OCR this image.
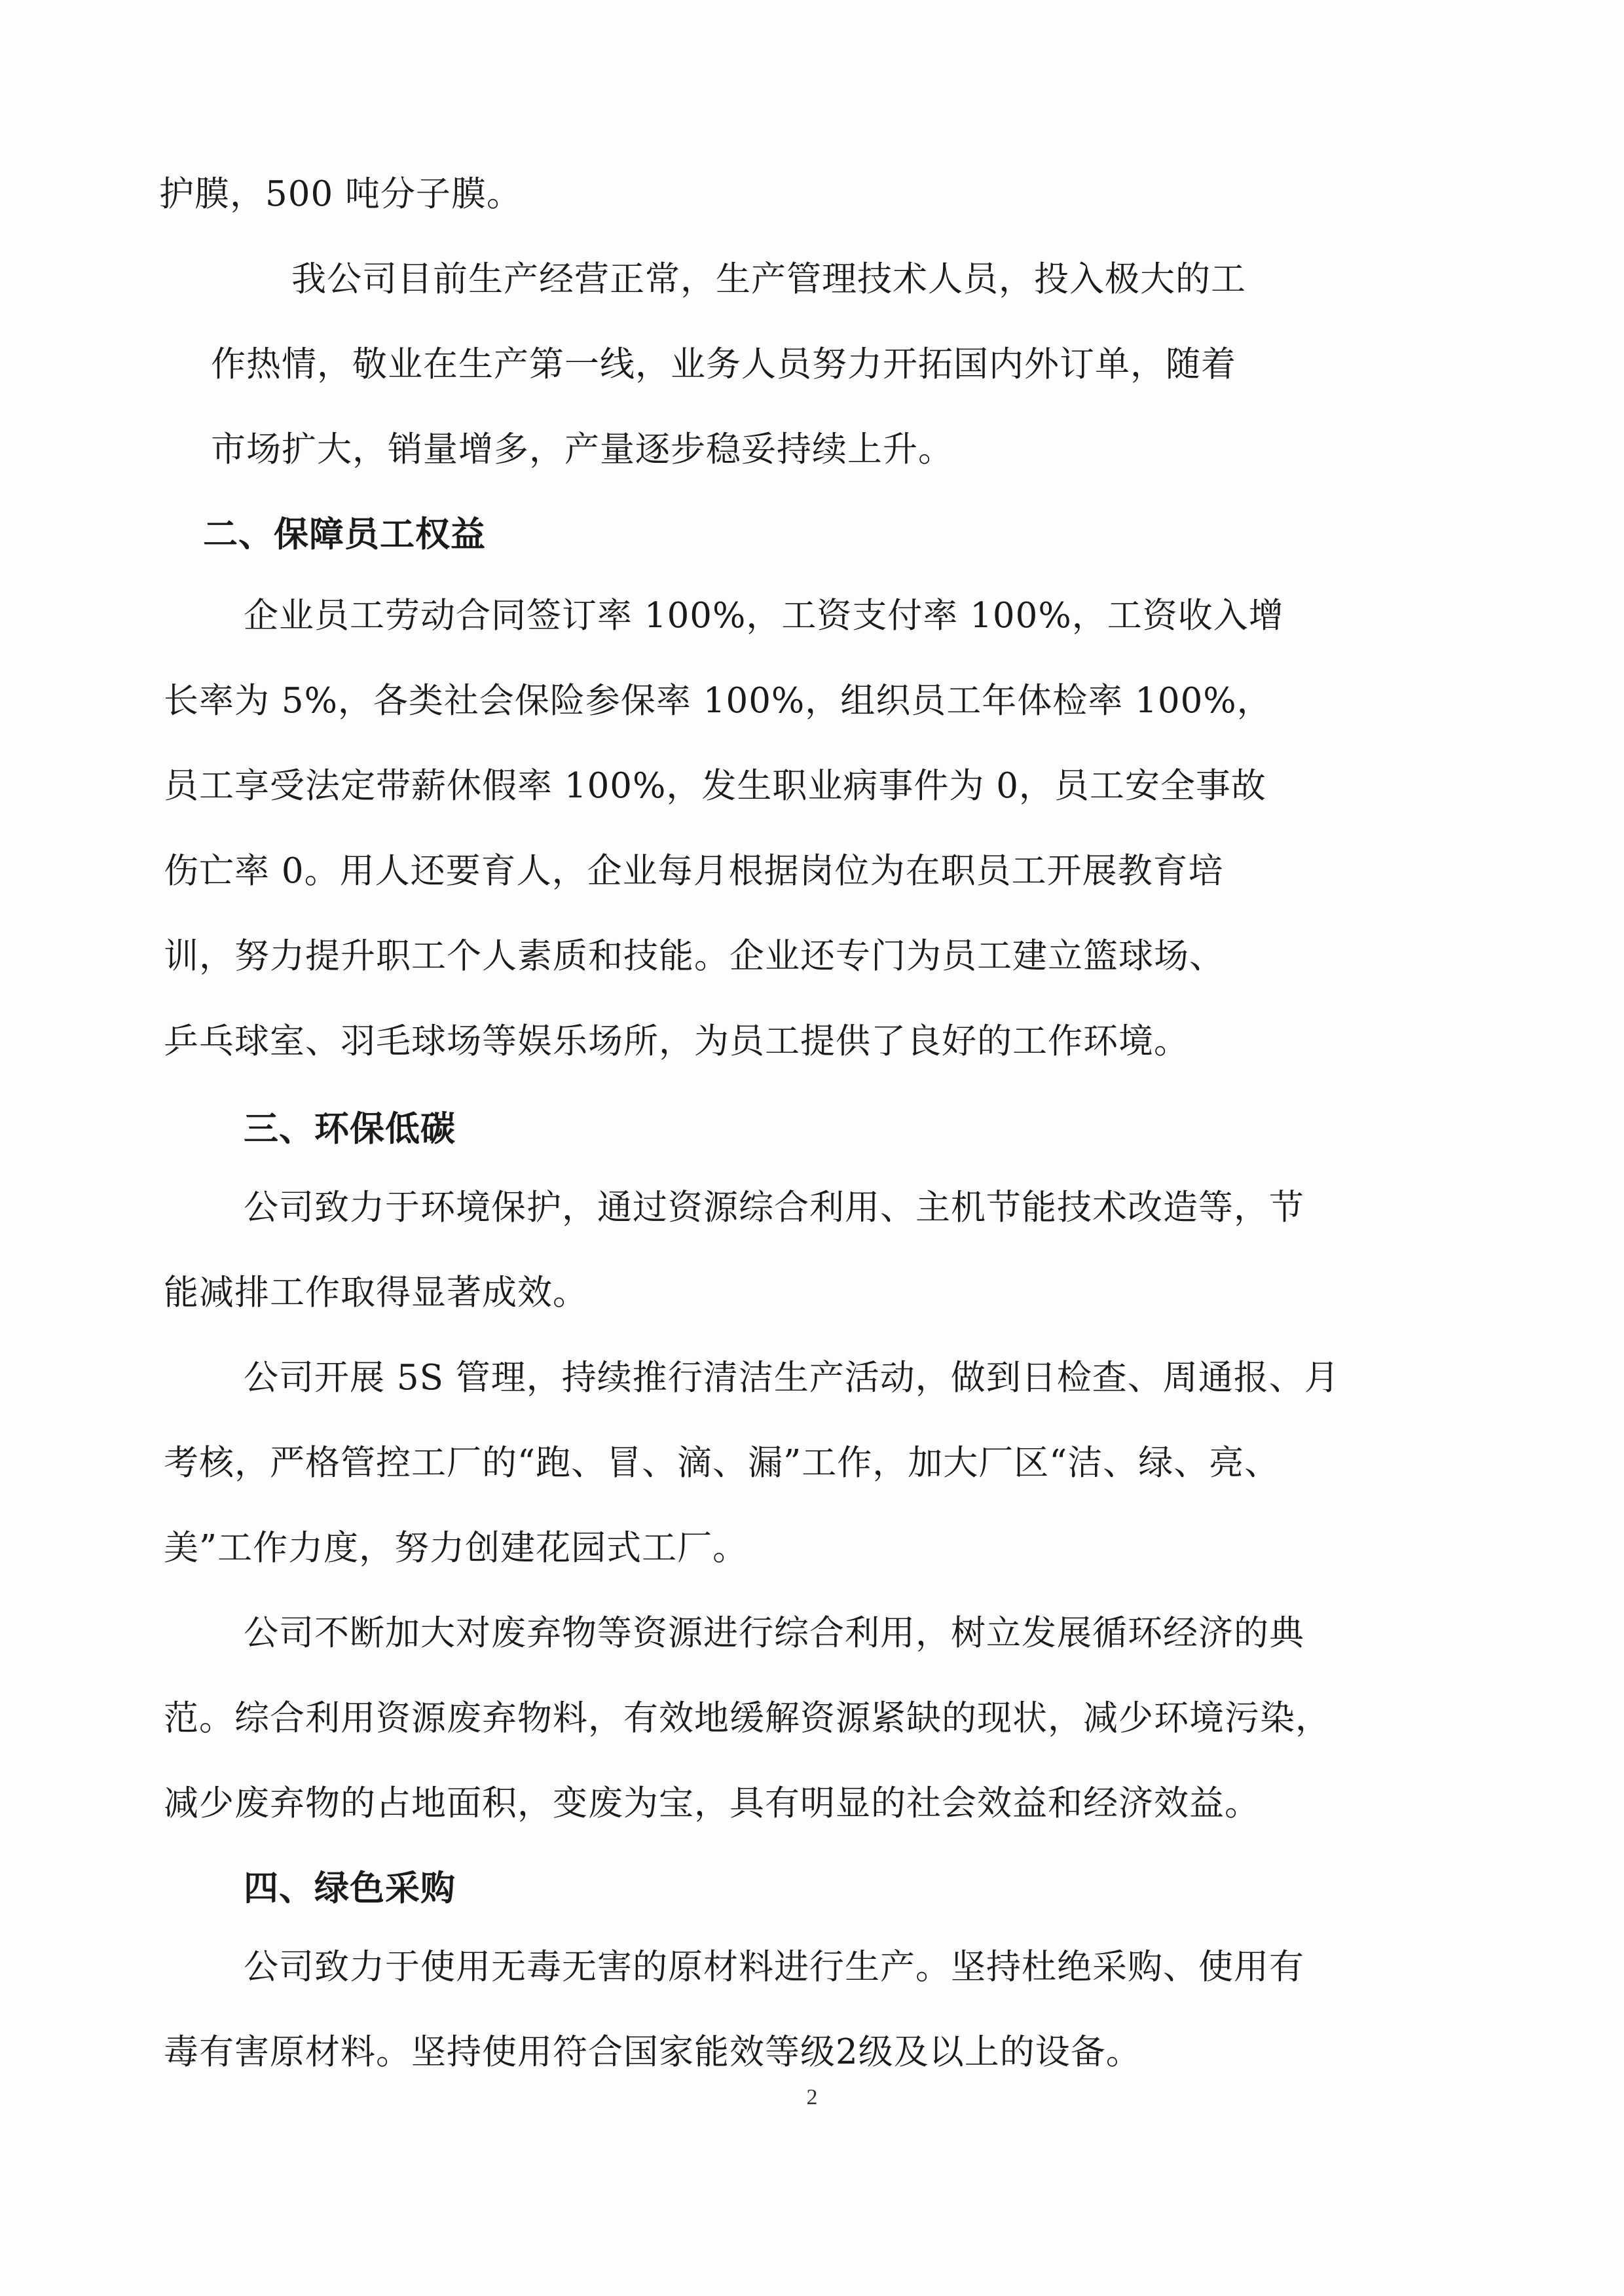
护膜，500 吨分子膜。
我公司目前生产经营正常，生产管理技术人员，投入极大的工
作热情，敬业在生产第一线，业务人员努力开拓国内外订单，随着
市场扩大，销量增多，产量逐步稳妥持续上升。
二、保障员工权益
企业员工劳动合同签订率 100%，工资支付率 100%，工资收入增
长率为 5%，各类社会保险参保率 100%，组织员工年体检率 100%，
员工享受法定带薪休假率 100%，发生职业病事件为 0，员工安全事故
伤亡率 0。用人还要育人，企业每月根据岗位为在职员工开展教育培
训，努力提升职工个人素质和技能。企业还专门为员工建立篮球场、
乒乓球室、羽毛球场等娱乐场所，为员工提供了良好的工作环境。
三、环保低碳
公司致力于环境保护，通过资源综合利用、主机节能技术改造等，节
能减排工作取得显著成效。
公司开展 5S 管理，持续推行清洁生产活动，做到日检查、周通报、月
考核，严格管控工厂的“跑、冒、滴、漏”工作，加大厂区“洁、绿、亮、
美”工作力度，努力创建花园式工厂。
公司不断加大对废弃物等资源进行综合利用，树立发展循环经济的典
范。综合利用资源废弃物料，有效地缓解资源紧缺的现状，减少环境污染，
减少废弃物的占地面积，变废为宝，具有明显的社会效益和经济效益。
四、绿色采购
公司致力于使用无毒无害的原材料进行生产。坚持杜绝采购、使用有
毒有害原材料。坚持使用符合国家能效等级2级及以上的设备。
2
